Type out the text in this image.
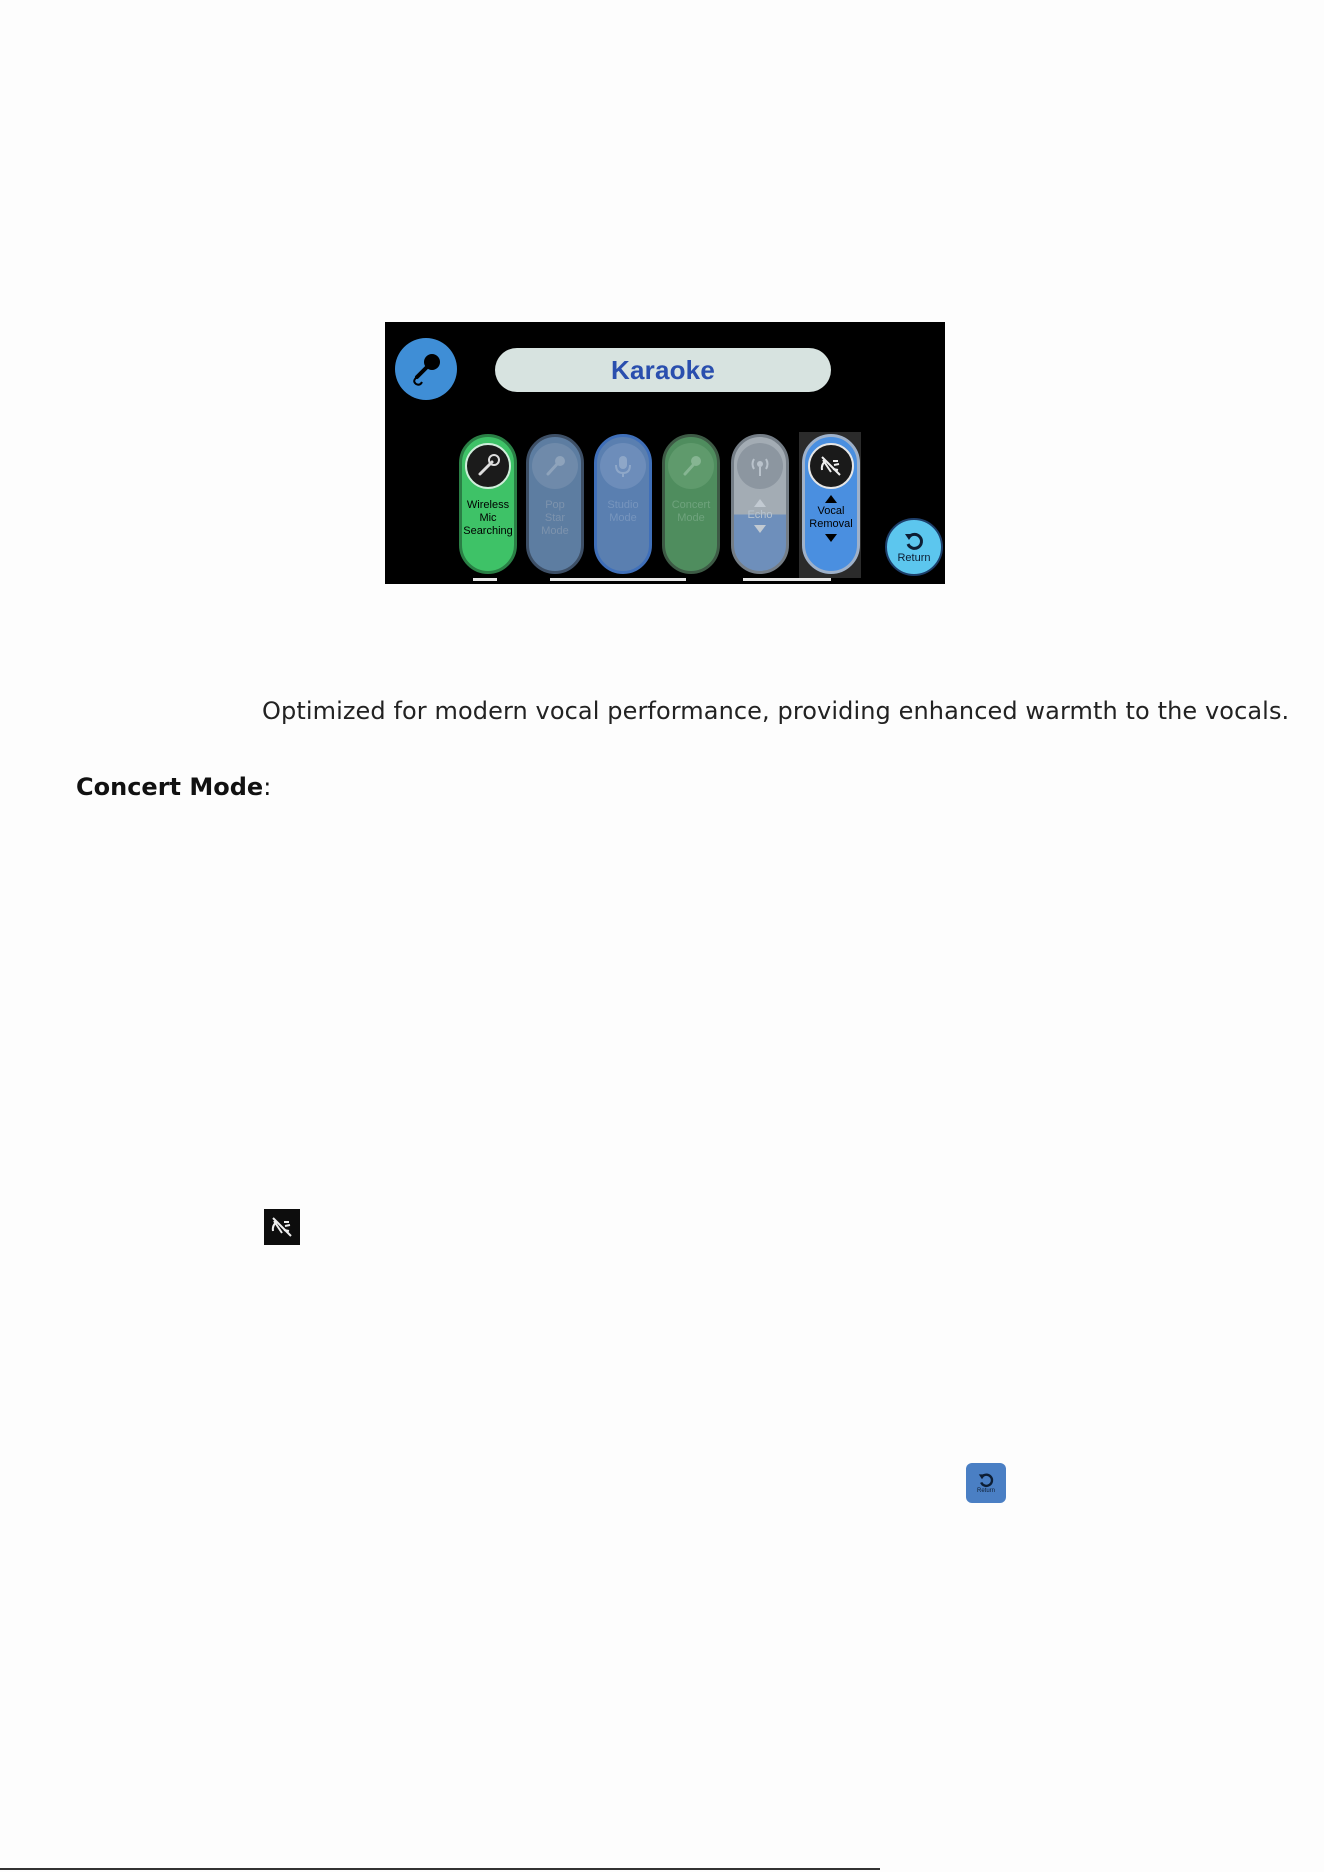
Karaoke
Wireless
Mic
Searching
Pop
Star
Mode
Studio
Mode
Concert
Mode	Echo	Vocal
Removal
Return
Optimized for modern vocal performance, providing enhanced warmth to the vocals.
Concert Mode:
Return
